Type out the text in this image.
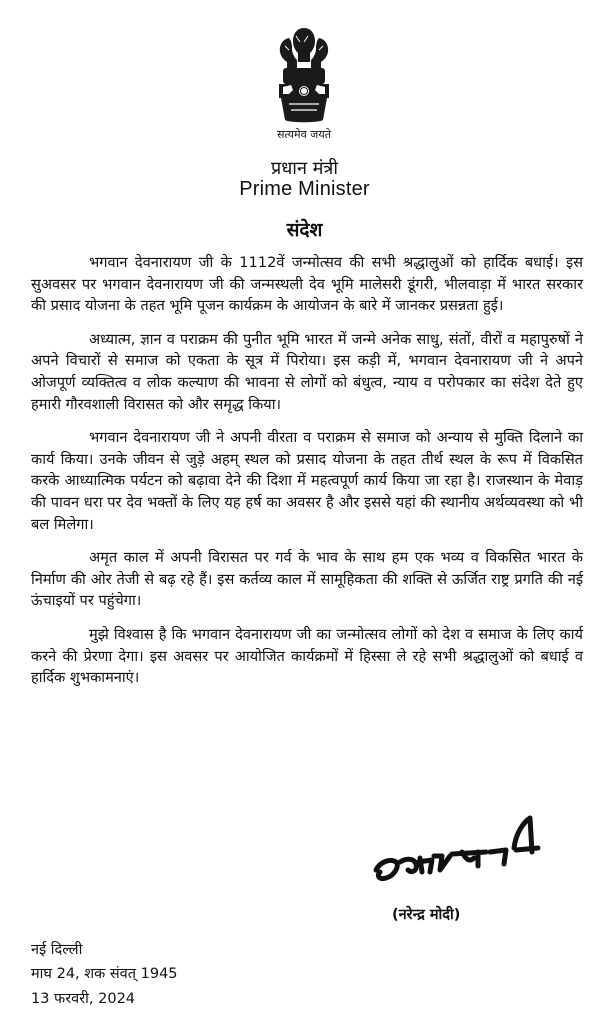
सत्यमेव जयते
प्रधान मंत्री
Prime Minister
संदेश

भगवान देवनारायण जी के 1112वें जन्मोत्सव की सभी श्रद्धालुओं को हार्दिक बधाई। इस सुअवसर पर भगवान देवनारायण जी की जन्मस्थली देव भूमि मालेसरी डूंगरी, भीलवाड़ा में भारत सरकार की प्रसाद योजना के तहत भूमि पूजन कार्यक्रम के आयोजन के बारे में जानकर प्रसन्नता हुई।

अध्यात्म, ज्ञान व पराक्रम की पुनीत भूमि भारत में जन्मे अनेक साधु, संतों, वीरों व महापुरुषों ने अपने विचारों से समाज को एकता के सूत्र में पिरोया। इस कड़ी में, भगवान देवनारायण जी ने अपने ओजपूर्ण व्यक्तित्व व लोक कल्याण की भावना से लोगों को बंधुत्व, न्याय व परोपकार का संदेश देते हुए हमारी गौरवशाली विरासत को और समृद्ध किया।

भगवान देवनारायण जी ने अपनी वीरता व पराक्रम से समाज को अन्याय से मुक्ति दिलाने का कार्य किया। उनके जीवन से जुड़े अहम् स्थल को प्रसाद योजना के तहत तीर्थ स्थल के रूप में विकसित करके आध्यात्मिक पर्यटन को बढ़ावा देने की दिशा में महत्वपूर्ण कार्य किया जा रहा है। राजस्थान के मेवाड़ की पावन धरा पर देव भक्तों के लिए यह हर्ष का अवसर है और इससे यहां की स्थानीय अर्थव्यवस्था को भी बल मिलेगा।

अमृत काल में अपनी विरासत पर गर्व के भाव के साथ हम एक भव्य व विकसित भारत के निर्माण की ओर तेजी से बढ़ रहे हैं। इस कर्तव्य काल में सामूहिकता की शक्ति से ऊर्जित राष्ट्र प्रगति की नई ऊंचाइयों पर पहुंचेगा।

मुझे विश्वास है कि भगवान देवनारायण जी का जन्मोत्सव लोगों को देश व समाज के लिए कार्य करने की प्रेरणा देगा। इस अवसर पर आयोजित कार्यक्रमों में हिस्सा ले रहे सभी श्रद्धालुओं को बधाई व हार्दिक शुभकामनाएं।

(नरेन्द्र मोदी)
नई दिल्ली
माघ 24, शक संवत् 1945
13 फरवरी, 2024
